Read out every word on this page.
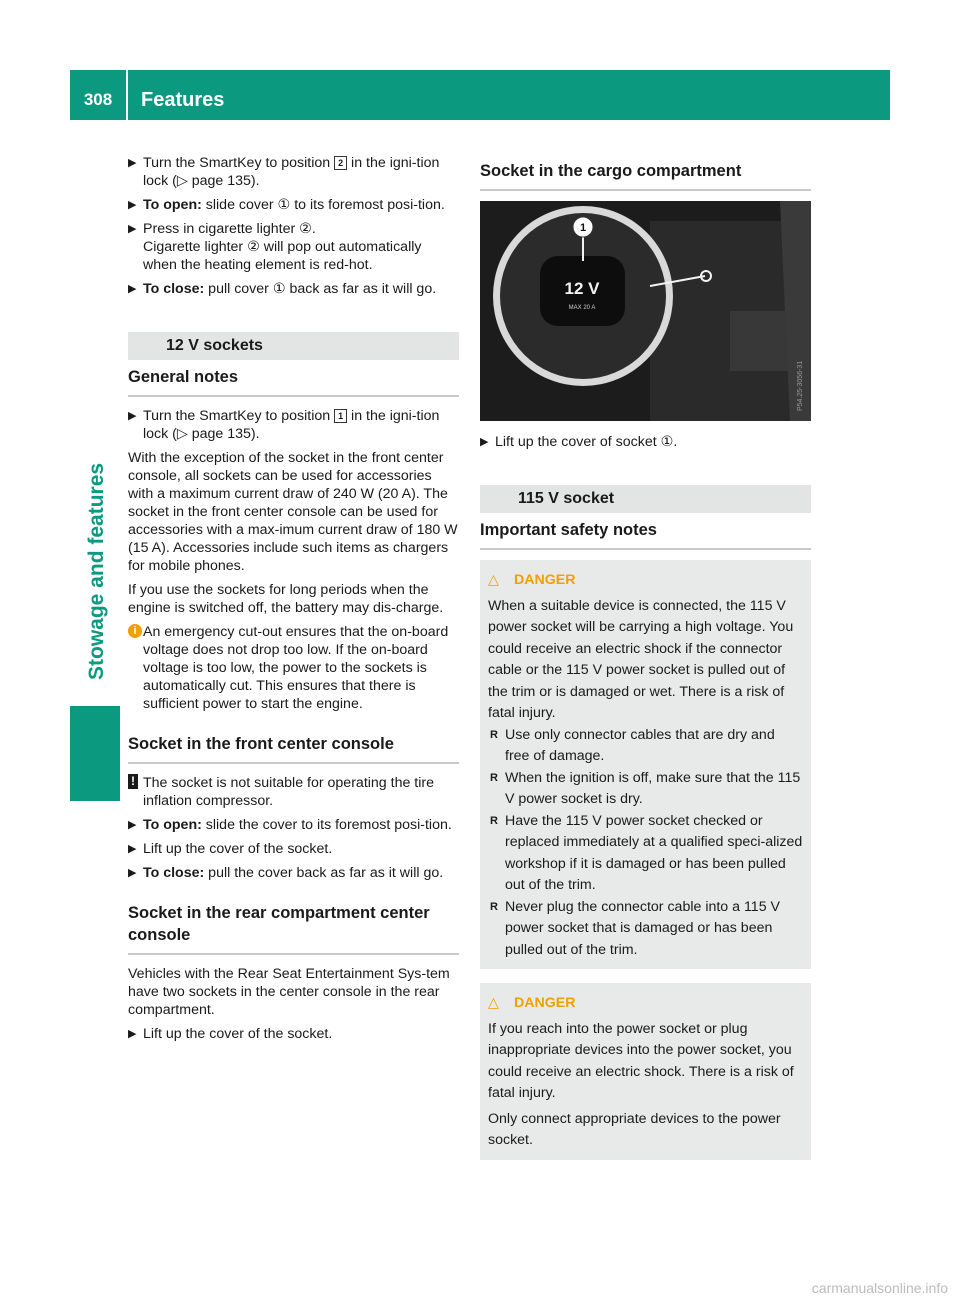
308	Features
Stowage and features
▶ Turn the SmartKey to position 2 in the igni-tion lock (▷ page 135).
▶ To open: slide cover ① to its foremost posi-tion.
▶ Press in cigarette lighter ②.
Cigarette lighter ② will pop out automatically when the heating element is red-hot.
▶ To close: pull cover ① back as far as it will go.
12 V sockets
General notes
▶ Turn the SmartKey to position 1 in the igni-tion lock (▷ page 135).

With the exception of the socket in the front center console, all sockets can be used for accessories with a maximum current draw of 240 W (20 A). The socket in the front center console can be used for accessories with a max-imum current draw of 180 W (15 A). Accessories include such items as chargers for mobile phones.

If you use the sockets for long periods when the engine is switched off, the battery may dis-charge.

i An emergency cut-out ensures that the on-board voltage does not drop too low. If the on-board voltage is too low, the power to the sockets is automatically cut. This ensures that there is sufficient power to start the engine.
Socket in the front center console
! The socket is not suitable for operating the tire inflation compressor.
▶ To open: slide the cover to its foremost posi-tion.
▶ Lift up the cover of the socket.
▶ To close: pull the cover back as far as it will go.
Socket in the rear compartment center console

Vehicles with the Rear Seat Entertainment Sys-tem have two sockets in the center console in the rear compartment.

▶ Lift up the cover of the socket.
Socket in the cargo compartment
12 V
MAX 20 A
1
P54.25-3056-31
▶ Lift up the cover of socket ①.
115 V socket
Important safety notes
△ DANGER
When a suitable device is connected, the 115 V power socket will be carrying a high voltage. You could receive an electric shock if the connector cable or the 115 V power socket is pulled out of the trim or is damaged or wet. There is a risk of fatal injury.
R Use only connector cables that are dry and free of damage.
R When the ignition is off, make sure that the 115 V power socket is dry.
R Have the 115 V power socket checked or replaced immediately at a qualified speci-alized workshop if it is damaged or has been pulled out of the trim.
R Never plug the connector cable into a 115 V power socket that is damaged or has been pulled out of the trim.
△ DANGER
If you reach into the power socket or plug inappropriate devices into the power socket, you could receive an electric shock. There is a risk of fatal injury.
Only connect appropriate devices to the power socket.
carmanualsonline.info
